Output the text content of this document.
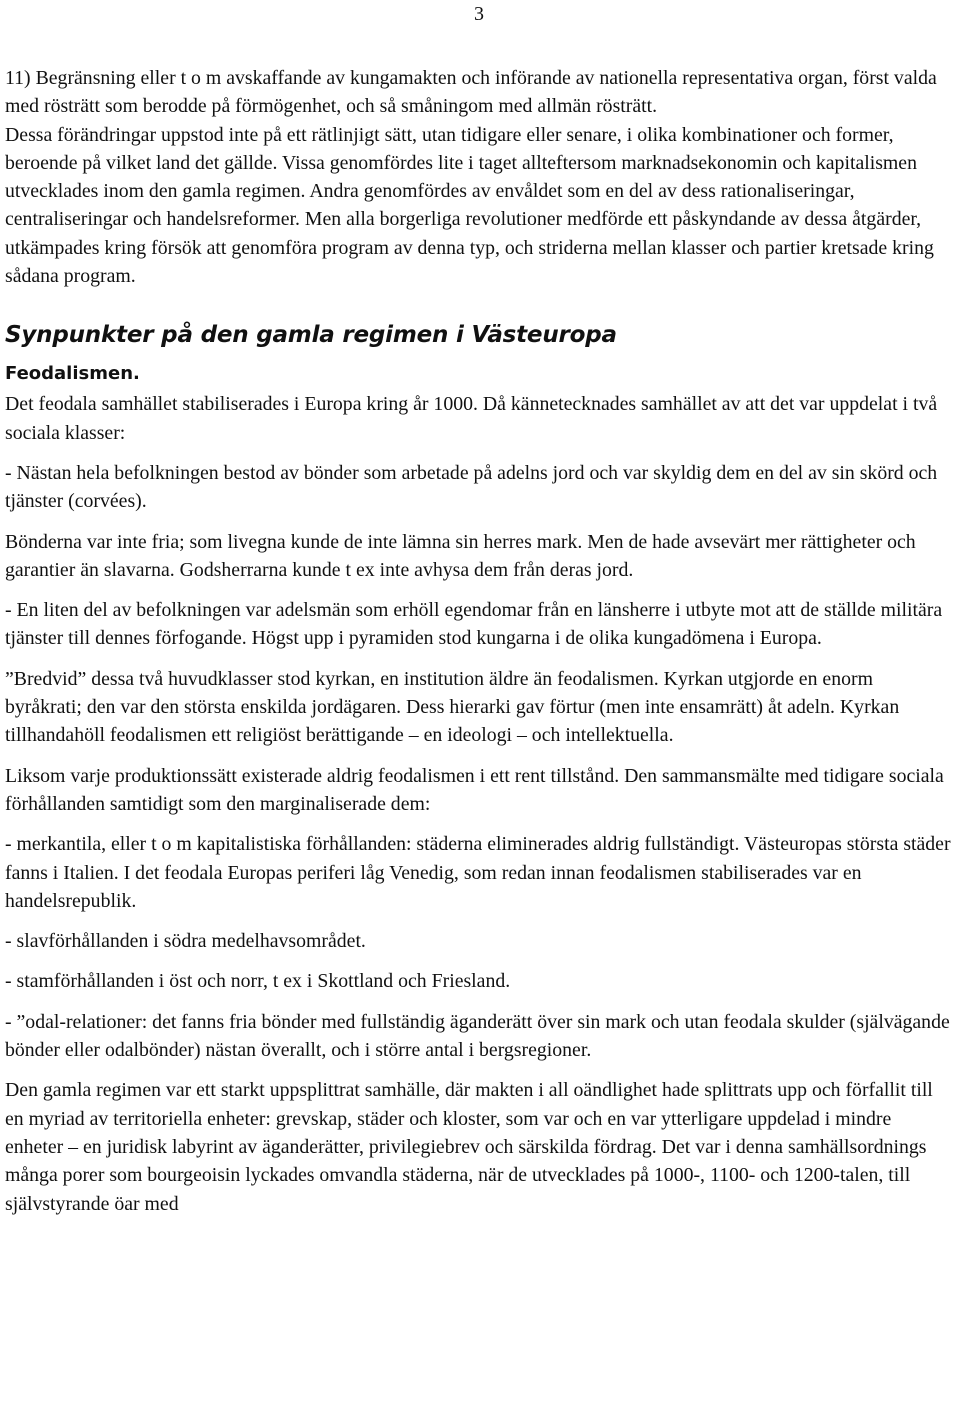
3

11) Begränsning eller t o m avskaffande av kungamakten och införande av nationella representativa organ, först valda med rösträtt som berodde på förmögenhet, och så småningom med allmän rösträtt.

Dessa förändringar uppstod inte på ett rätlinjigt sätt, utan tidigare eller senare, i olika kombinationer och former, beroende på vilket land det gällde. Vissa genomfördes lite i taget allteftersom marknadsekonomin och kapitalismen utvecklades inom den gamla regimen. Andra genomfördes av envåldet som en del av dess rationaliseringar, centraliseringar och handelsreformer. Men alla borgerliga revolutioner medförde ett påskyndande av dessa åtgärder, utkämpades kring försök att genomföra program av denna typ, och striderna mellan klasser och partier kretsade kring sådana program.

Synpunkter på den gamla regimen i Västeuropa
Feodalismen.

Det feodala samhället stabiliserades i Europa kring år 1000. Då kännetecknades samhället av att det var uppdelat i två sociala klasser:

- Nästan hela befolkningen bestod av bönder som arbetade på adelns jord och var skyldig dem en del av sin skörd och tjänster (corvées).

Bönderna var inte fria; som livegna kunde de inte lämna sin herres mark. Men de hade avsevärt mer rättigheter och garantier än slavarna. Godsherrarna kunde t ex inte avhysa dem från deras jord.

- En liten del av befolkningen var adelsmän som erhöll egendomar från en länsherre i utbyte mot att de ställde militära tjänster till dennes förfogande. Högst upp i pyramiden stod kungarna i de olika kungadömena i Europa.

”Bredvid” dessa två huvudklasser stod kyrkan, en institution äldre än feodalismen. Kyrkan utgjorde en enorm byråkrati; den var den största enskilda jordägaren. Dess hierarki gav förtur (men inte ensamrätt) åt adeln. Kyrkan tillhandahöll feodalismen ett religiöst berättigande – en ideologi – och intellektuella.

Liksom varje produktionssätt existerade aldrig feodalismen i ett rent tillstånd. Den sammansmälte med tidigare sociala förhållanden samtidigt som den marginaliserade dem:

- merkantila, eller t o m kapitalistiska förhållanden: städerna eliminerades aldrig fullständigt. Västeuropas största städer fanns i Italien. I det feodala Europas periferi låg Venedig, som redan innan feodalismen stabiliserades var en handelsrepublik.

- slavförhållanden i södra medelhavsområdet.

- stamförhållanden i öst och norr, t ex i Skottland och Friesland.

- ”odal-relationer: det fanns fria bönder med fullständig äganderätt över sin mark och utan feodala skulder (självägande bönder eller odalbönder) nästan överallt, och i större antal i bergsregioner.

Den gamla regimen var ett starkt uppsplittrat samhälle, där makten i all oändlighet hade splittrats upp och förfallit till en myriad av territoriella enheter: grevskap, städer och kloster, som var och en var ytterligare uppdelad i mindre enheter – en juridisk labyrint av äganderätter, privilegiebrev och särskilda fördrag. Det var i denna samhällsordnings många porer som bourgeoisin lyckades omvandla städerna, när de utvecklades på 1000-, 1100- och 1200-talen, till självstyrande öar med
